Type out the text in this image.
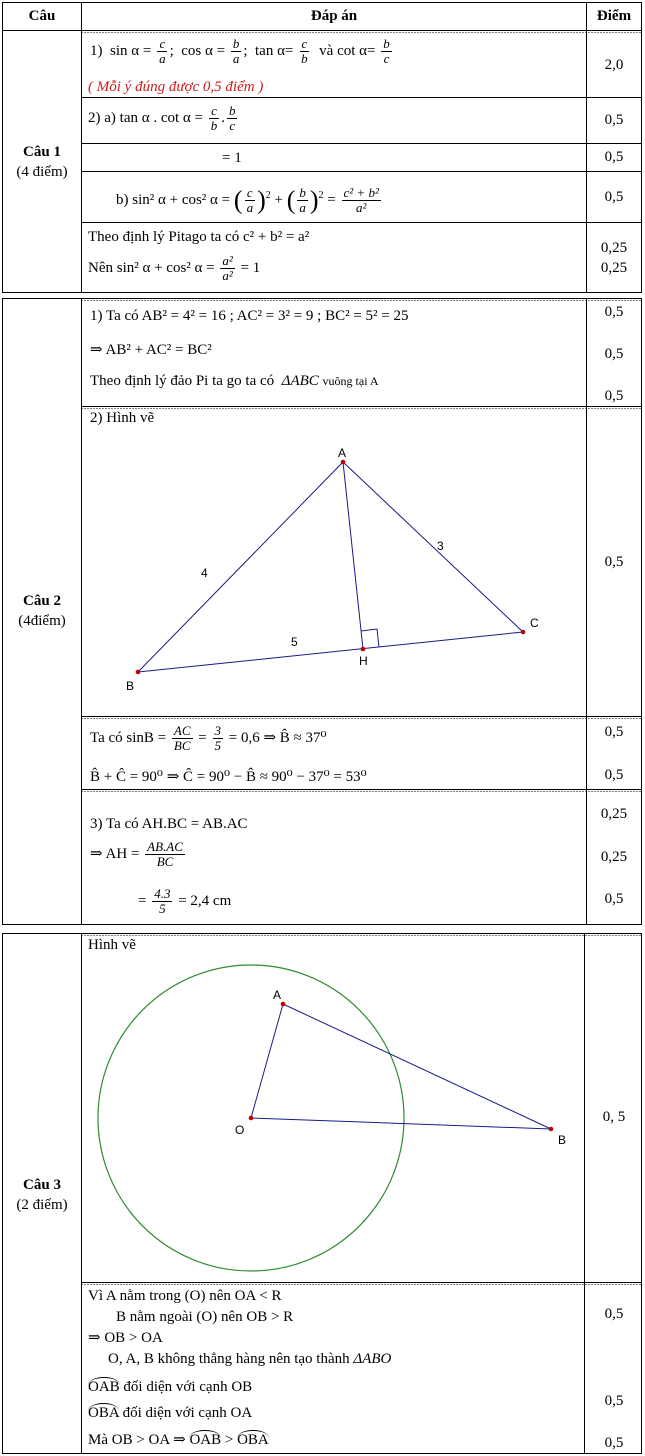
Câu	Đáp án	Điểm
Câu 1
(4 điểm)
1) $\sin \alpha = \frac{c}{a}$ ; $\cos \alpha = \frac{b}{a}$ ; $\tan \alpha= \frac{c}{b}$ và $\cot \alpha= \frac{b}{c}$
( Mỗi ý đúng được 0,5 điểm )
2) a) tan α . $\cot \alpha = \frac{c}{b}$ . $\frac{b}{c}$
= 1
b) sin² α + cos² α = ( $\frac{c}{a} )^2$ + ( $\frac{b}{a} )^2 = \frac{\text{c² + b²}}{\text{a²}}$
Theo định lý Pitago ta có c² + b² = a²
Nên sin² α + cos² $\alpha = \frac{\text{a²}}{\text{a²}} = 1$
2,0
0,5
0,5
0,5
0,25
0,25
Câu 2
(4điểm)
1) Ta có AB² = 4² = 16 ; AC² = 3² = 9 ; BC² = 5² = 25
⇒ AB² + AC² = BC²
Theo định lý đảo Pi ta go ta có ΔABC vuông tại A
2) Hình vẽ
A
B
C
H
4
3
5
Ta có $\sin B = \frac{AC}{BC} = \frac{3}{5} = 0,6$ ⇒ B̂ ≈ 37⁰
B̂ + Ĉ = 90⁰ ⇒ Ĉ = 90⁰ − B̂ ≈ 90⁰ − 37⁰ = 53⁰
3) Ta có AH.BC = AB.AC
⇒ AH = $\frac{AB.AC}{BC}$
= $\frac{4.3}{5} = 2,4$ cm
0,5
0,5
0,5
0,5
0,5
0,5
0,25
0,25
0,5
Câu 3
(2 điểm)
Hình vẽ
A
O
B
Vì A nằm trong (O) nên OA < R
B nằm ngoài (O) nên OB > R
⇒ OB > OA
O, A, B không thẳng hàng nên tạo thành ΔABO
OAB đối diện với cạnh OB
OBA đối diện với cạnh OA
Mà OB > OA ⇒ OAB > OBA
0, 5
0,5
0,5
0,5
